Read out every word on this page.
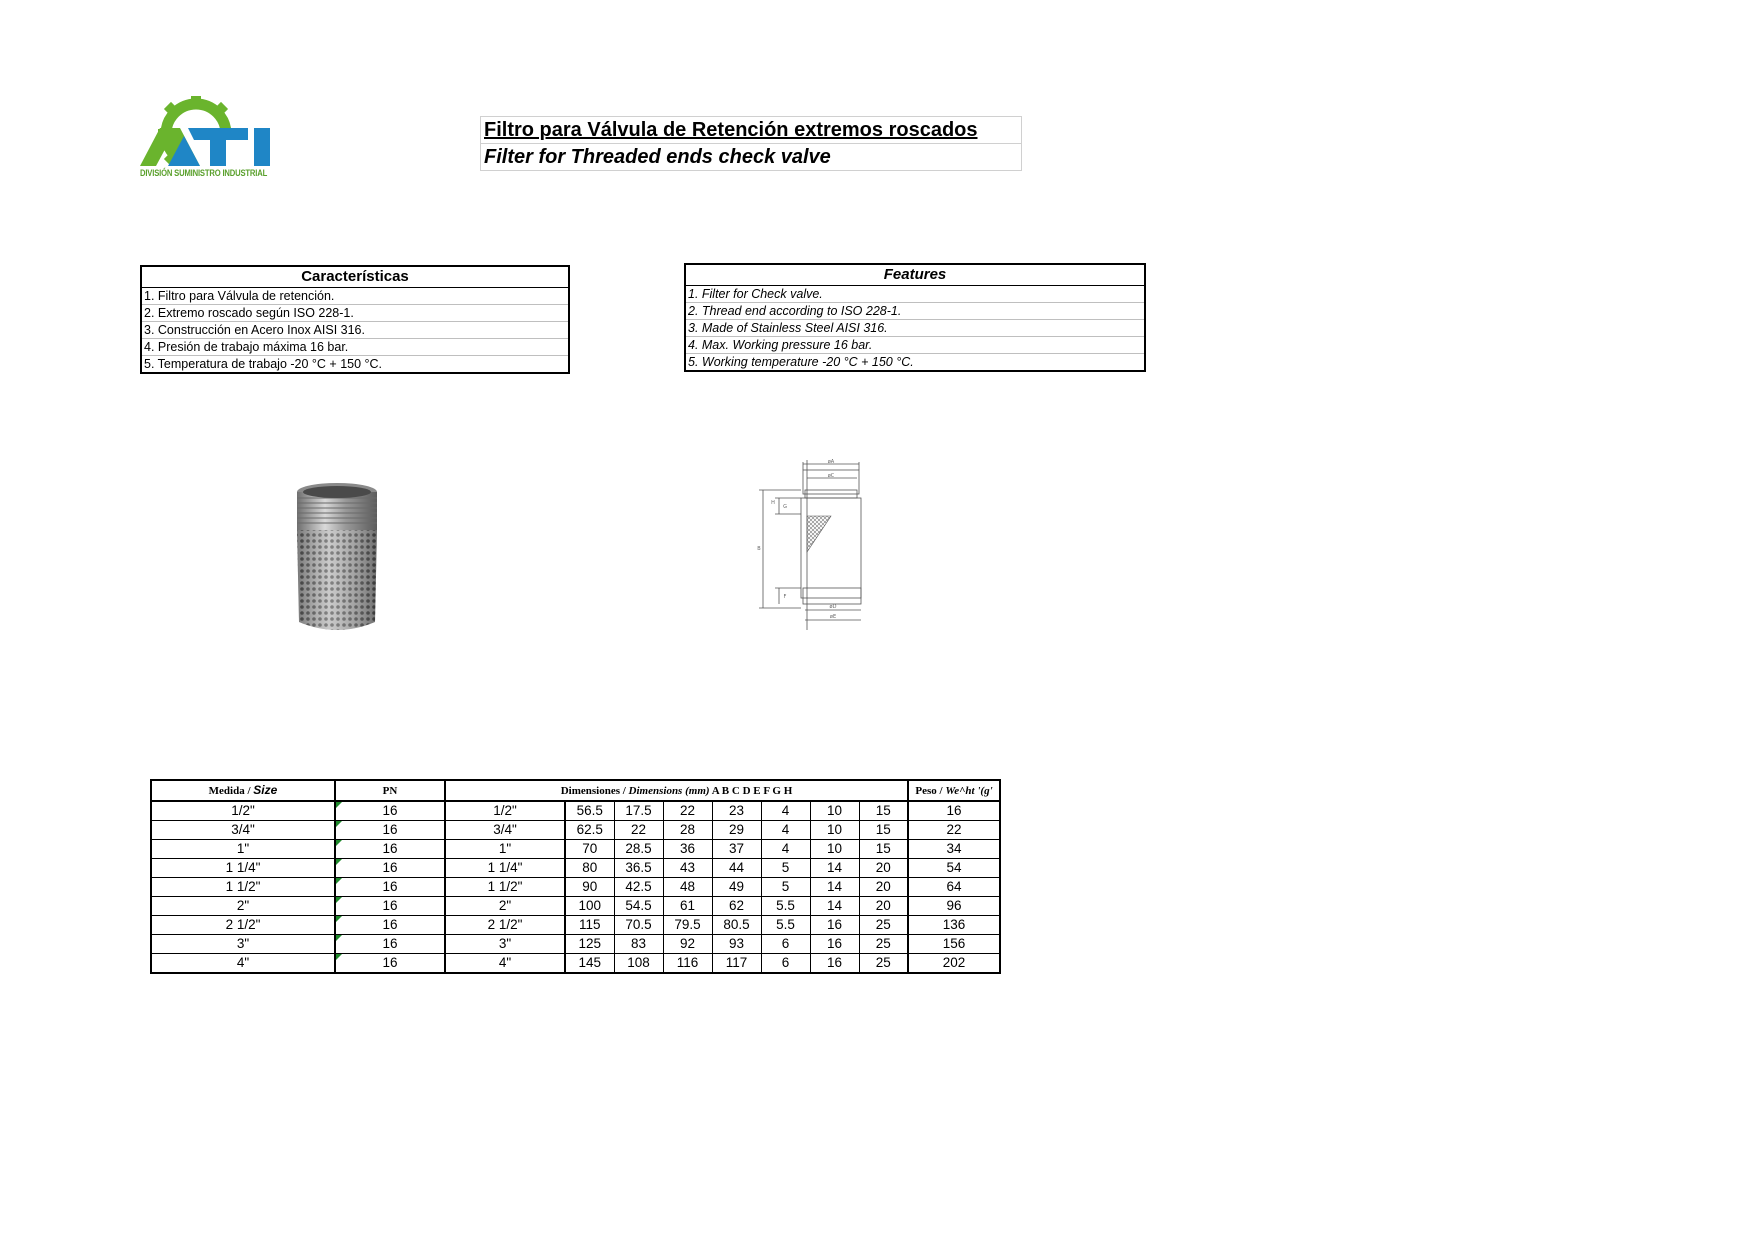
DIVISIÓN SUMINISTRO INDUSTRIAL
Filtro para Válvula de Retención extremos roscados
Filter for Threaded ends check valve
Características
1. Filtro para Válvula de retención.
2. Extremo roscado según ISO 228-1.
3. Construcción en Acero Inox AISI 316.
4. Presión de trabajo máxima 16 bar.
5. Temperatura de trabajo -20 °C + 150 °C.
Features
1. Filter for Check valve.
2. Thread end according to ISO 228-1.
3. Made of Stainless Steel AISI 316.
4. Max. Working pressure 16 bar.
5. Working temperature -20 °C + 150 °C.
øA
øC
H
G
B
F
øD
øE
Medida / Size	PN	Dimensiones / Dimensions (mm) A B C D E F G H								Peso / We^ht '(g'
1/2"	16	1/2"	56.5	17.5	22	23	4	10	15	16
3/4"	16	3/4"	62.5	22	28	29	4	10	15	22
1"	16	1"	70	28.5	36	37	4	10	15	34
1 1/4"	16	1 1/4"	80	36.5	43	44	5	14	20	54
1 1/2"	16	1 1/2"	90	42.5	48	49	5	14	20	64
2"	16	2"	100	54.5	61	62	5.5	14	20	96
2 1/2"	16	2 1/2"	115	70.5	79.5	80.5	5.5	16	25	136
3"	16	3"	125	83	92	93	6	16	25	156
4"	16	4"	145	108	116	117	6	16	25	202
